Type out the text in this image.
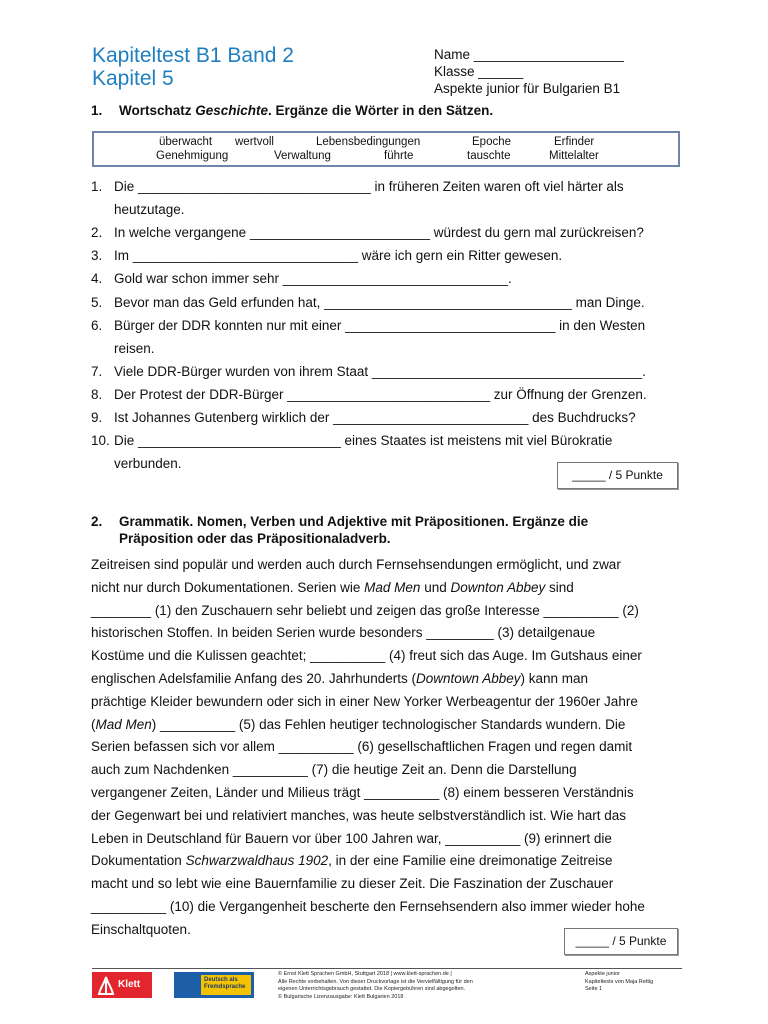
Kapiteltest B1 Band 2
Kapitel 5
Name ____________________
Klasse ______
Aspekte junior für Bulgarien B1
1. Wortschatz Geschichte. Ergänze die Wörter in den Sätzen.
überwacht wertvoll	Lebensbedingungen	Epoche	Erfinder
Genehmigung	Verwaltung	führte	tauschte	Mittelalter
1. Die _______________________________ in früheren Zeiten waren oft viel härter als
heutzutage.
2. In welche vergangene ________________________ würdest du gern mal zurückreisen?
3. Im ______________________________ wäre ich gern ein Ritter gewesen.
4. Gold war schon immer sehr ______________________________.
5. Bevor man das Geld erfunden hat, _________________________________ man Dinge.
6. Bürger der DDR konnten nur mit einer ____________________________ in den Westen
reisen.
7. Viele DDR-Bürger wurden von ihrem Staat ____________________________________.
8. Der Protest der DDR-Bürger ___________________________ zur Öffnung der Grenzen.
9. Ist Johannes Gutenberg wirklich der __________________________ des Buchdrucks?
10. Die ___________________________ eines Staates ist meistens mit viel Bürokratie
verbunden.
_____ / 5 Punkte
2. Grammatik. Nomen, Verben und Adjektive mit Präpositionen. Ergänze die
Präposition oder das Präpositionaladverb.
Zeitreisen sind populär und werden auch durch Fernsehsendungen ermöglicht, und zwar
nicht nur durch Dokumentationen. Serien wie Mad Men und Downton Abbey sind
________ (1) den Zuschauern sehr beliebt und zeigen das große Interesse __________ (2)
historischen Stoffen. In beiden Serien wurde besonders _________ (3) detailgenaue
Kostüme und die Kulissen geachtet; __________ (4) freut sich das Auge. Im Gutshaus einer
englischen Adelsfamilie Anfang des 20. Jahrhunderts (Downtown Abbey) kann man
prächtige Kleider bewundern oder sich in einer New Yorker Werbeagentur der 1960er Jahre
(Mad Men) __________ (5) das Fehlen heutiger technologischer Standards wundern. Die
Serien befassen sich vor allem __________ (6) gesellschaftlichen Fragen und regen damit
auch zum Nachdenken __________ (7) die heutige Zeit an. Denn die Darstellung
vergangener Zeiten, Länder und Milieus trägt __________ (8) einem besseren Verständnis
der Gegenwart bei und relativiert manches, was heute selbstverständlich ist. Wie hart das
Leben in Deutschland für Bauern vor über 100 Jahren war, __________ (9) erinnert die
Dokumentation Schwarzwaldhaus 1902, in der eine Familie eine dreimonatige Zeitreise
macht und so lebt wie eine Bauernfamilie zu dieser Zeit. Die Faszination der Zuschauer
__________ (10) die Vergangenheit bescherte den Fernsehsendern also immer wieder hohe
Einschaltquoten.
_____ / 5 Punkte
Klett	Deutsch als Fremdsprache
© Ernst Klett Sprachen GmbH, Stuttgart 2018 | www.klett-sprachen.de |
Alle Rechte vorbehalten. Von dieser Druckvorlage ist die Vervielfältigung für den
eigenen Unterrichtsgebrauch gestattet. Die Kopiergebühren sind abgegolten.
© Bulgarische Lizenzausgabe: Klett Bulgarien 2018
Aspekte junior
Kapiteltests von Maja Rettig
Seite 1
